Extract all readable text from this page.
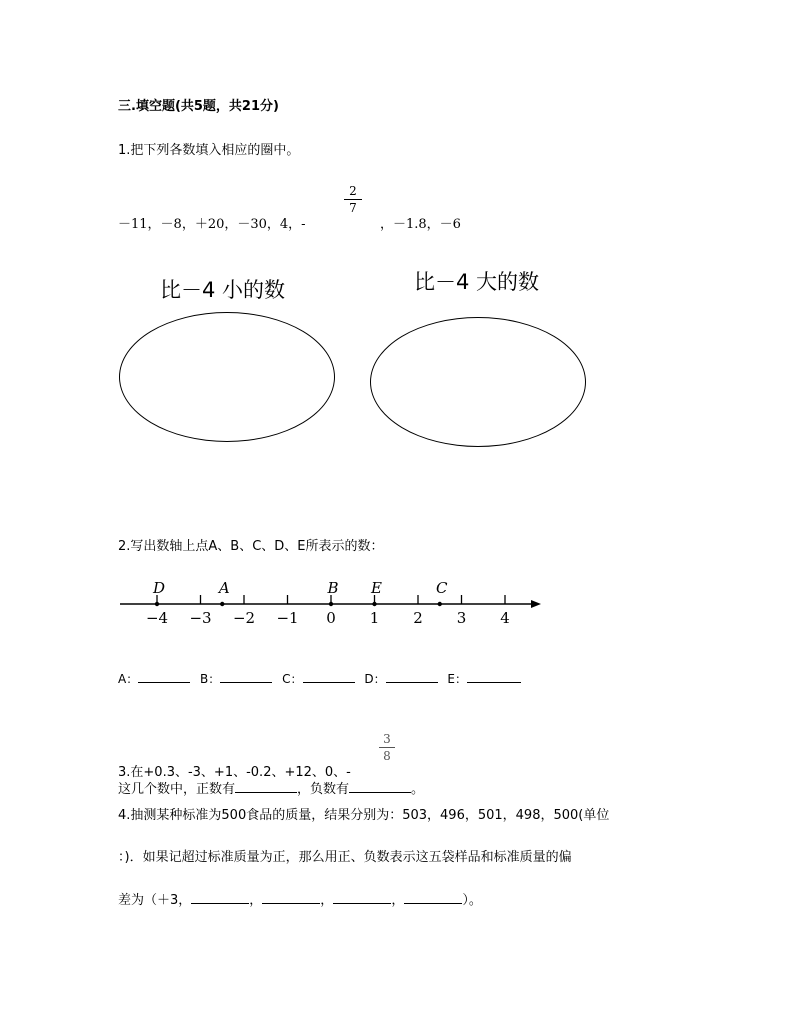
三.填空题(共5题，共21分)
1.把下列各数填入相应的圈中。
－11，－8，＋20，－30，4，-
2
7
，－1.8，－6
比－4 小的数	比－4 大的数
2.写出数轴上点A、B、C、D、E所表示的数：
−4 −3 −2 −1 0 1 2 3 4
D	A	B E	C
A：	B：	C：	D：	E：
3.在+0.3、-3、+1、-0.2、+12、0、-
3
8
这几个数中，正数有	，负数有	。
4.抽测某种标准为500食品的质量，结果分别为：503，496，501，498，500(单位
：)．如果记超过标准质量为正，那么用正、负数表示这五袋样品和标准质量的偏
差为（＋3，	，	，	，	）。
